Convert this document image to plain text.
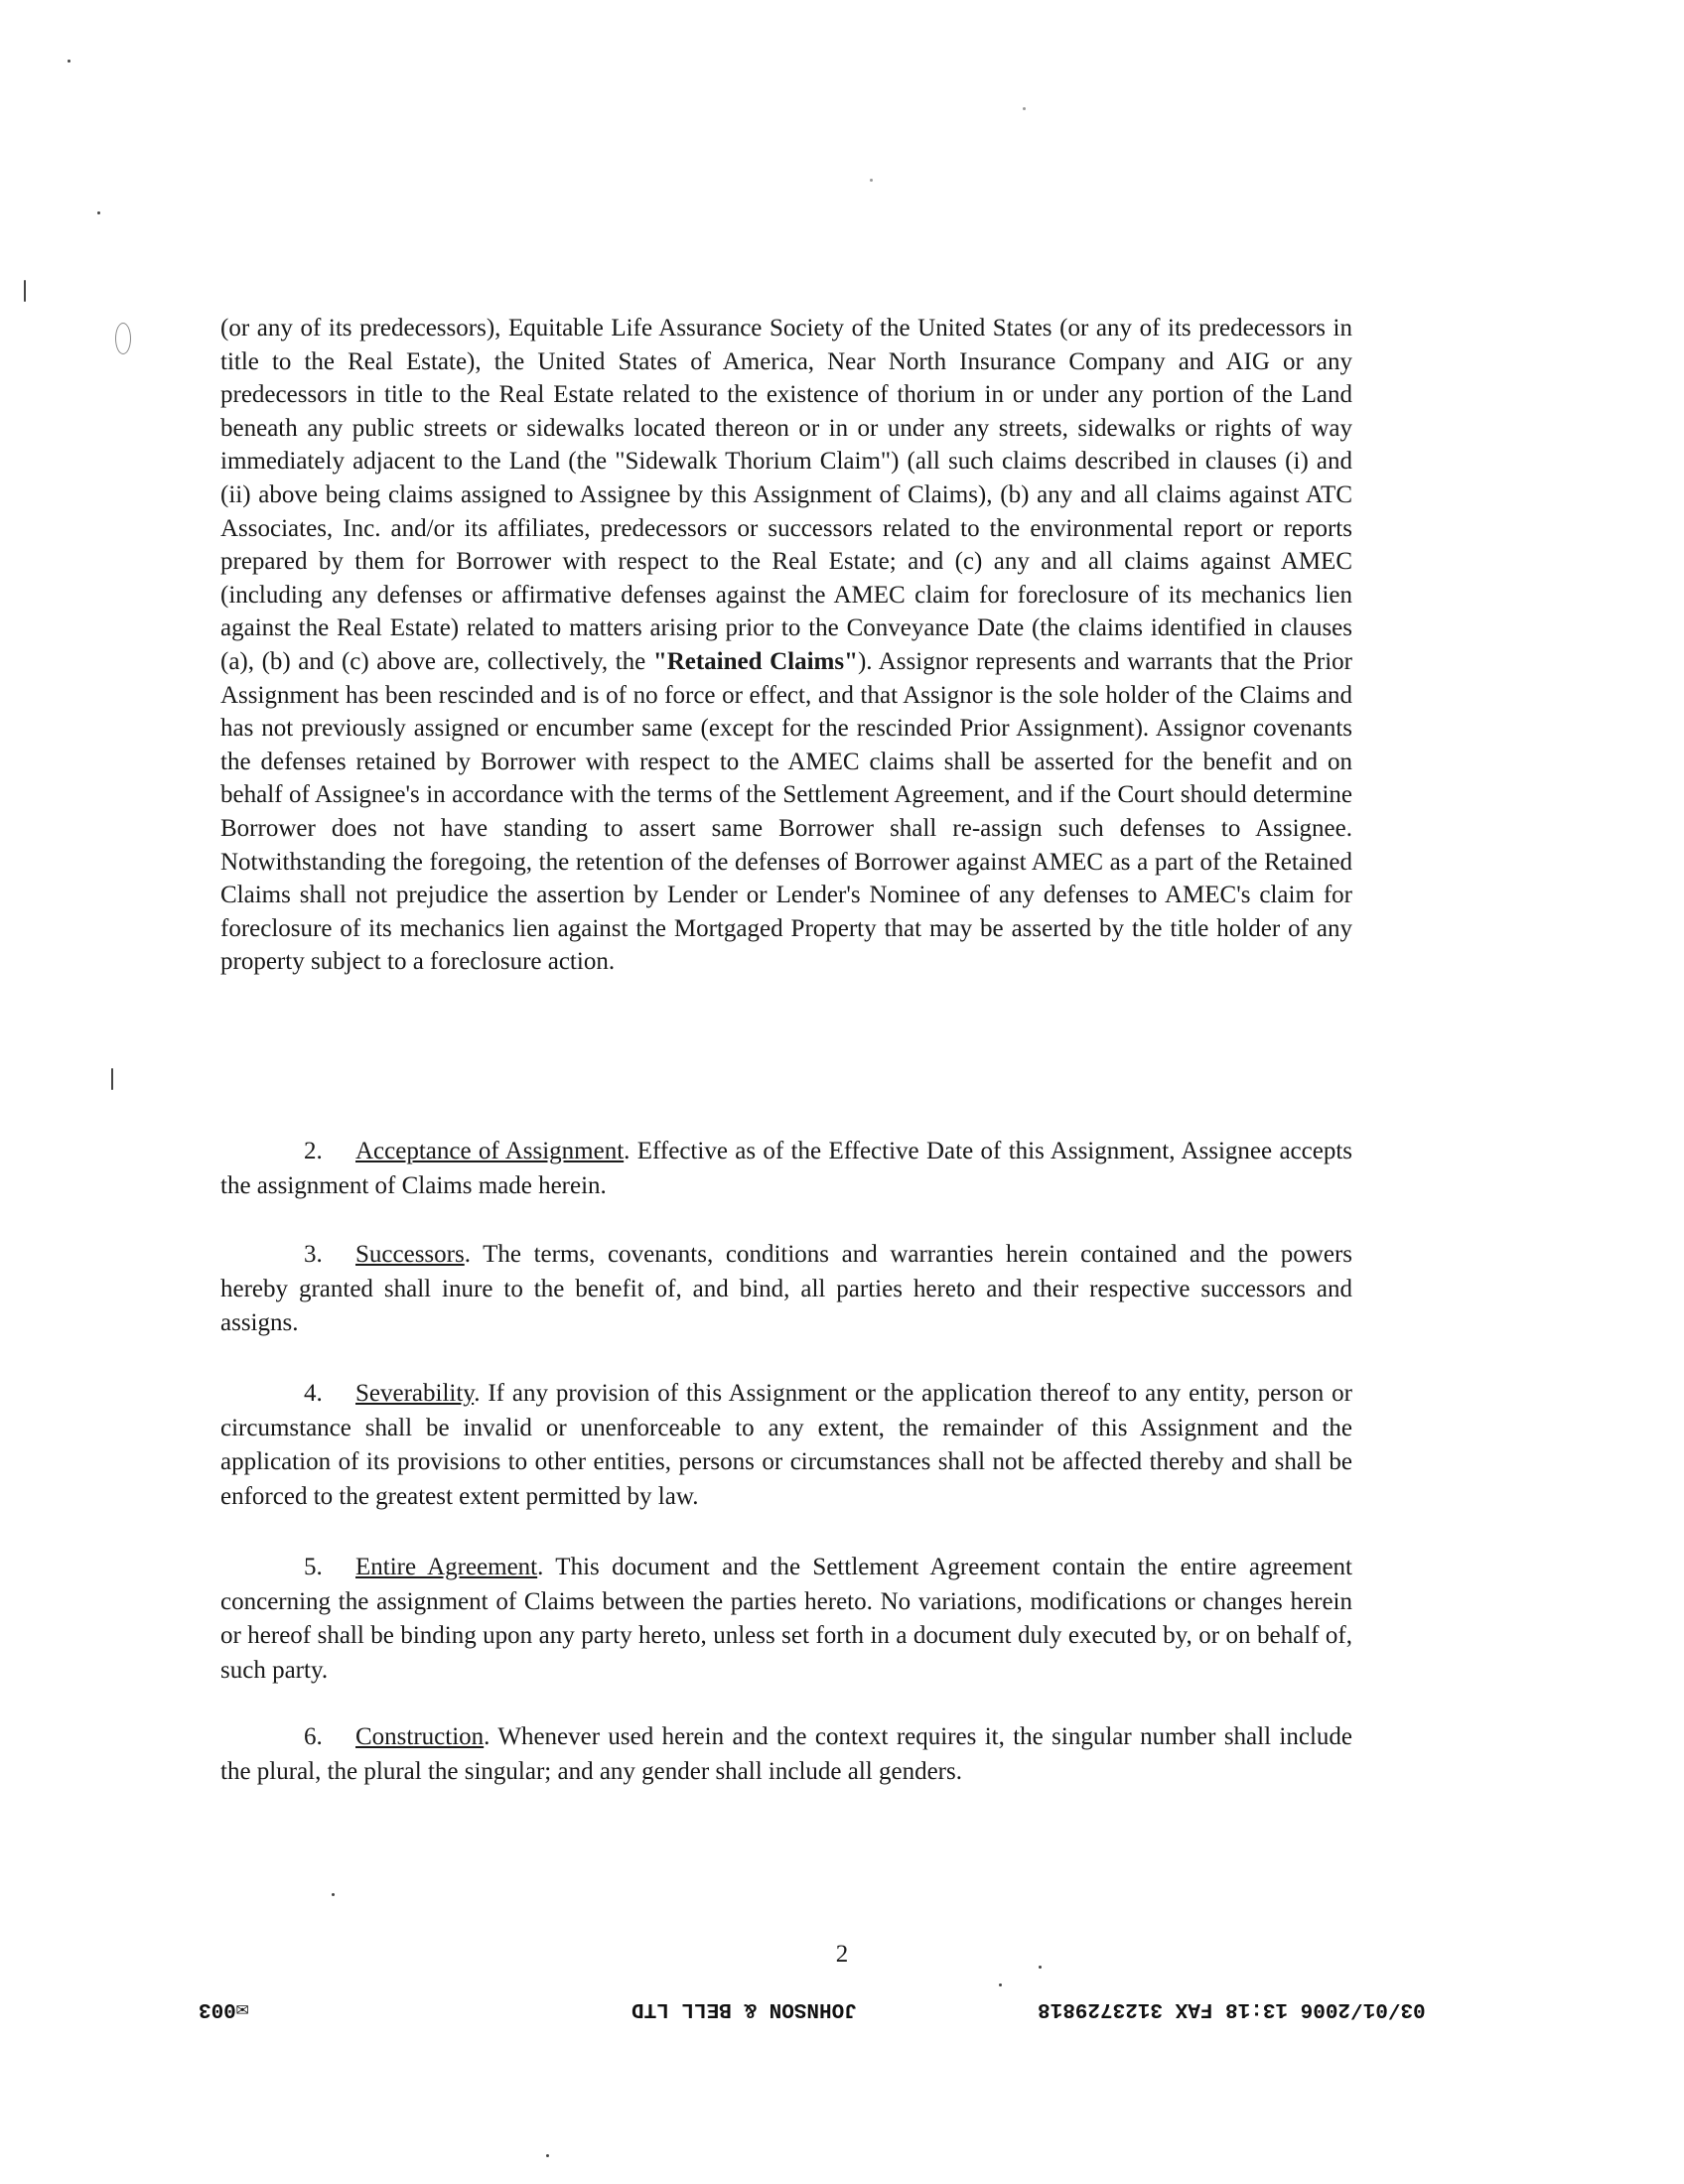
(or any of its predecessors), Equitable Life Assurance Society of the United States (or any of its predecessors in title to the Real Estate), the United States of America, Near North Insurance Company and AIG or any predecessors in title to the Real Estate related to the existence of thorium in or under any portion of the Land beneath any public streets or sidewalks located thereon or in or under any streets, sidewalks or rights of way immediately adjacent to the Land (the "Sidewalk Thorium Claim") (all such claims described in clauses (i) and (ii) above being claims assigned to Assignee by this Assignment of Claims), (b) any and all claims against ATC Associates, Inc. and/or its affiliates, predecessors or successors related to the environmental report or reports prepared by them for Borrower with respect to the Real Estate; and (c) any and all claims against AMEC (including any defenses or affirmative defenses against the AMEC claim for foreclosure of its mechanics lien against the Real Estate) related to matters arising prior to the Conveyance Date (the claims identified in clauses (a), (b) and (c) above are, collectively, the "Retained Claims"). Assignor represents and warrants that the Prior Assignment has been rescinded and is of no force or effect, and that Assignor is the sole holder of the Claims and has not previously assigned or encumber same (except for the rescinded Prior Assignment). Assignor covenants the defenses retained by Borrower with respect to the AMEC claims shall be asserted for the benefit and on behalf of Assignee's in accordance with the terms of the Settlement Agreement, and if the Court should determine Borrower does not have standing to assert same Borrower shall re-assign such defenses to Assignee. Notwithstanding the foregoing, the retention of the defenses of Borrower against AMEC as a part of the Retained Claims shall not prejudice the assertion by Lender or Lender's Nominee of any defenses to AMEC's claim for foreclosure of its mechanics lien against the Mortgaged Property that may be asserted by the title holder of any property subject to a foreclosure action.
2. Acceptance of Assignment. Effective as of the Effective Date of this Assignment, Assignee accepts the assignment of Claims made herein.
3. Successors. The terms, covenants, conditions and warranties herein contained and the powers hereby granted shall inure to the benefit of, and bind, all parties hereto and their respective successors and assigns.
4. Severability. If any provision of this Assignment or the application thereof to any entity, person or circumstance shall be invalid or unenforceable to any extent, the remainder of this Assignment and the application of its provisions to other entities, persons or circumstances shall not be affected thereby and shall be enforced to the greatest extent permitted by law.
5. Entire Agreement. This document and the Settlement Agreement contain the entire agreement concerning the assignment of Claims between the parties hereto. No variations, modifications or changes herein or hereof shall be binding upon any party hereto, unless set forth in a document duly executed by, or on behalf of, such party.
6. Construction. Whenever used herein and the context requires it, the singular number shall include the plural, the plural the singular; and any gender shall include all genders.
2
03/01/2006 13:18 FAX 3123729818
JOHNSON & BELL LTD
✉003
